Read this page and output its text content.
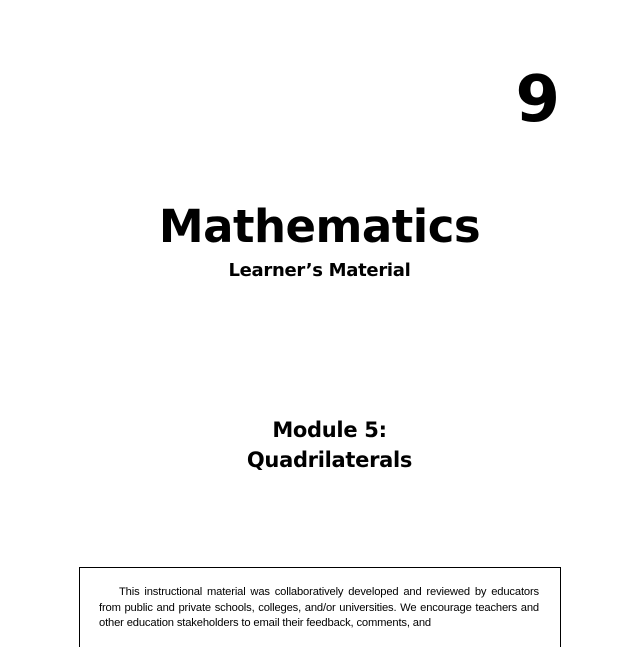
9
Mathematics
Learner’s Material
Module 5:
Quadrilaterals
This instructional material was collaboratively developed and reviewed by educators from public and private schools, colleges, and/or universities. We encourage teachers and other education stakeholders to email their feedback, comments, and
